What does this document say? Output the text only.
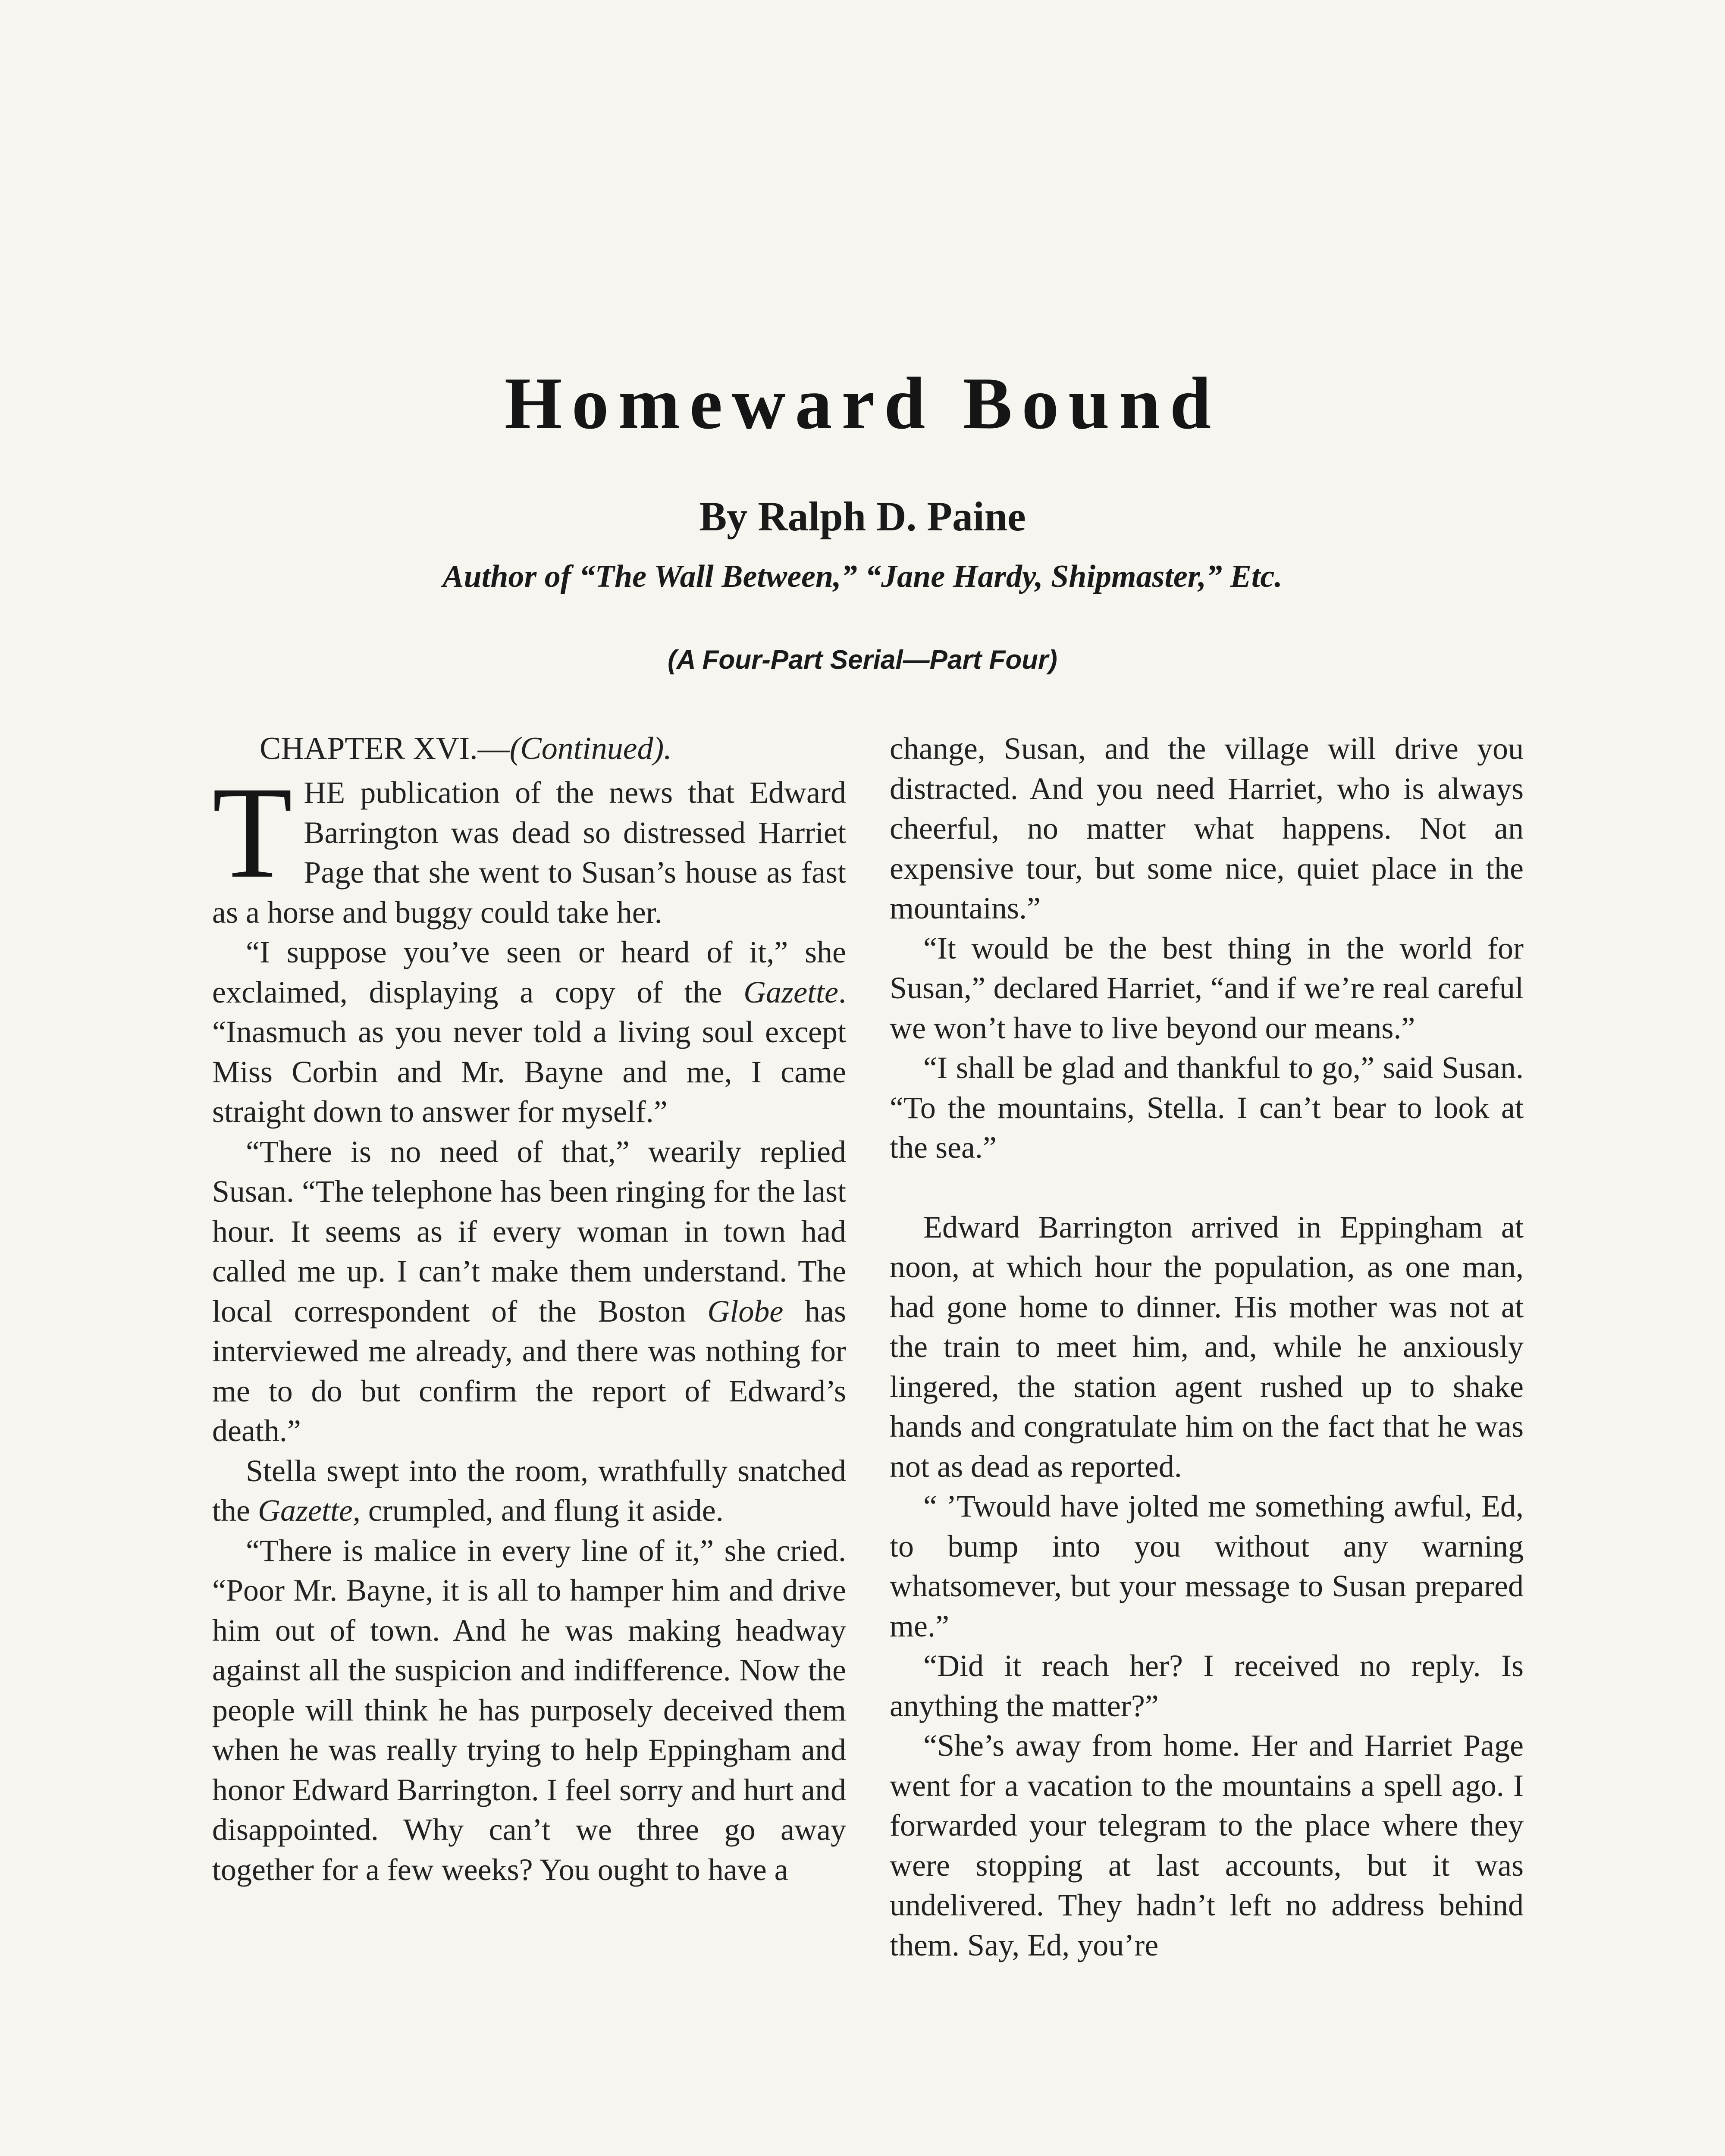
Homeward Bound
By Ralph D. Paine
Author of “The Wall Between,” “Jane Hardy, Shipmaster,” Etc.
(A Four-Part Serial—Part Four)
CHAPTER XVI.—(Continued).

THE publication of the news that Edward Barrington was dead so distressed Harriet Page that she went to Susan’s house as fast as a horse and buggy could take her.

“I suppose you’ve seen or heard of it,” she exclaimed, displaying a copy of the Gazette. “Inasmuch as you never told a living soul except Miss Corbin and Mr. Bayne and me, I came straight down to answer for myself.”

“There is no need of that,” wearily replied Susan. “The telephone has been ringing for the last hour. It seems as if every woman in town had called me up. I can’t make them understand. The local correspondent of the Boston Globe has interviewed me already, and there was nothing for me to do but confirm the report of Edward’s death.”

Stella swept into the room, wrathfully snatched the Gazette, crumpled, and flung it aside.

“There is malice in every line of it,” she cried. “Poor Mr. Bayne, it is all to hamper him and drive him out of town. And he was making headway against all the suspicion and indifference. Now the people will think he has purposely deceived them when he was really trying to help Eppingham and honor Edward Barrington. I feel sorry and hurt and disappointed. Why can’t we three go away together for a few weeks? You ought to have a

change, Susan, and the village will drive you distracted. And you need Harriet, who is always cheerful, no matter what happens. Not an expensive tour, but some nice, quiet place in the mountains.”

“It would be the best thing in the world for Susan,” declared Harriet, “and if we’re real careful we won’t have to live beyond our means.”

“I shall be glad and thankful to go,” said Susan. “To the mountains, Stella. I can’t bear to look at the sea.”

Edward Barrington arrived in Eppingham at noon, at which hour the population, as one man, had gone home to dinner. His mother was not at the train to meet him, and, while he anxiously lingered, the station agent rushed up to shake hands and congratulate him on the fact that he was not as dead as reported.

“ ’Twould have jolted me something awful, Ed, to bump into you without any warning whatsomever, but your message to Susan prepared me.”

“Did it reach her? I received no reply. Is anything the matter?”

“She’s away from home. Her and Harriet Page went for a vacation to the mountains a spell ago. I forwarded your telegram to the place where they were stopping at last accounts, but it was undelivered. They hadn’t left no address behind them. Say, Ed, you’re
